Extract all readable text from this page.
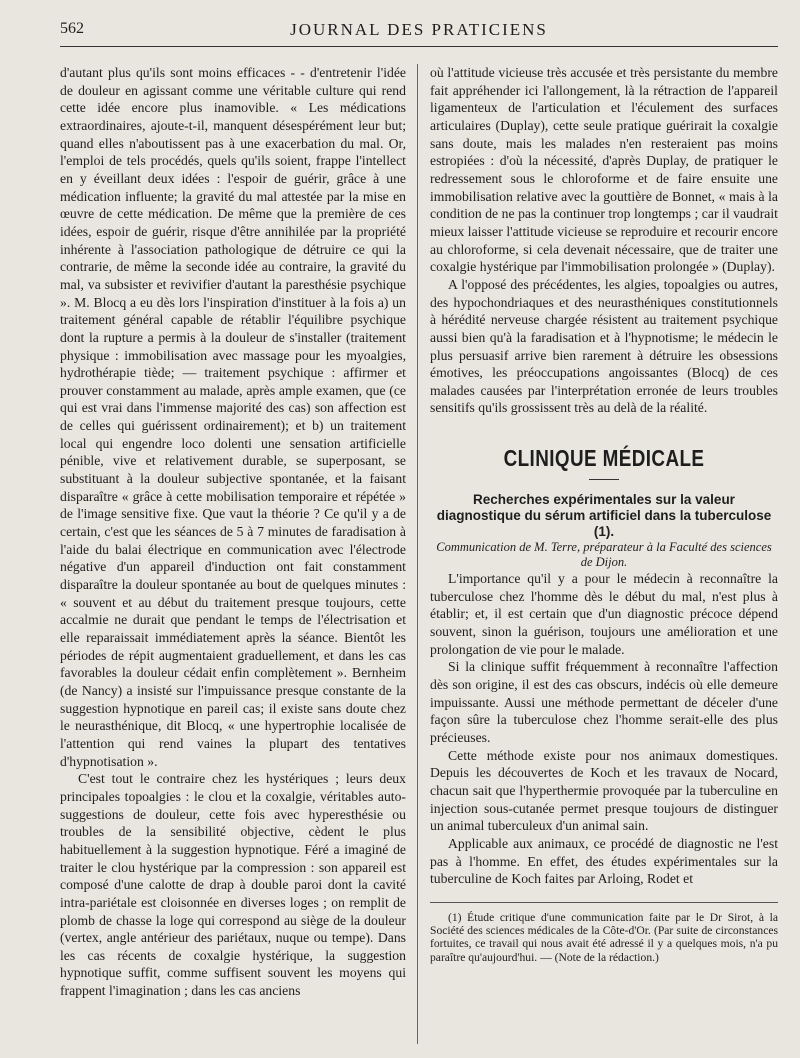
562	JOURNAL DES PRATICIENS

d'autant plus qu'ils sont moins efficaces - - d'entretenir l'idée de douleur en agissant comme une véritable culture qui rend cette idée encore plus inamovible. « Les médications extraordinaires, ajoute-t-il, manquent désespérément leur but; quand elles n'aboutissent pas à une exacerbation du mal. Or, l'emploi de tels procédés, quels qu'ils soient, frappe l'intellect en y éveillant deux idées : l'espoir de guérir, grâce à une médication influente; la gravité du mal attestée par la mise en œuvre de cette médication. De même que la première de ces idées, espoir de guérir, risque d'être annihilée par la propriété inhérente à l'association pathologique de détruire ce qui la contrarie, de même la seconde idée au contraire, la gravité du mal, va subsister et revivifier d'autant la paresthésie psychique ». M. Blocq a eu dès lors l'inspiration d'instituer à la fois a) un traitement général capable de rétablir l'équilibre psychique dont la rupture a permis à la douleur de s'installer (traitement physique : immobilisation avec massage pour les myoalgies, hydrothérapie tiède; — traitement psychique : affirmer et prouver constamment au malade, après ample examen, que (ce qui est vrai dans l'immense majorité des cas) son affection est de celles qui guérissent ordinairement); et b) un traitement local qui engendre loco dolenti une sensation artificielle pénible, vive et relativement durable, se superposant, se substituant à la douleur subjective spontanée, et la faisant disparaître « grâce à cette mobilisation temporaire et répétée » de l'image sensitive fixe. Que vaut la théorie ? Ce qu'il y a de certain, c'est que les séances de 5 à 7 minutes de faradisation à l'aide du balai électrique en communication avec l'électrode négative d'un appareil d'induction ont fait constamment disparaître la douleur spontanée au bout de quelques minutes : « souvent et au début du traitement presque toujours, cette accalmie ne durait que pendant le temps de l'électrisation et elle reparaissait immédiatement après la séance. Bientôt les périodes de répit augmentaient graduellement, et dans les cas favorables la douleur cédait enfin complètement ». Bernheim (de Nancy) a insisté sur l'impuissance presque constante de la suggestion hypnotique en pareil cas; il existe sans doute chez le neurasthénique, dit Blocq, « une hypertrophie localisée de l'attention qui rend vaines la plupart des tentatives d'hypnotisation ».

C'est tout le contraire chez les hystériques ; leurs deux principales topoalgies : le clou et la coxalgie, véritables auto-suggestions de douleur, cette fois avec hyperesthésie ou troubles de la sensibilité objective, cèdent le plus habituellement à la suggestion hypnotique. Féré a imaginé de traiter le clou hystérique par la compression : son appareil est composé d'une calotte de drap à double paroi dont la cavité intra-pariétale est cloisonnée en diverses loges ; on remplit de plomb de chasse la loge qui correspond au siège de la douleur (vertex, angle antérieur des pariétaux, nuque ou tempe). Dans les cas récents de coxalgie hystérique, la suggestion hypnotique suffit, comme suffisent souvent les moyens qui frappent l'imagination ; dans les cas anciens

où l'attitude vicieuse très accusée et très persistante du membre fait appréhender ici l'allongement, là la rétraction de l'appareil ligamenteux de l'articulation et l'éculement des surfaces articulaires (Duplay), cette seule pratique guérirait la coxalgie sans doute, mais les malades n'en resteraient pas moins estropiées : d'où la nécessité, d'après Duplay, de pratiquer le redressement sous le chloroforme et de faire ensuite une immobilisation relative avec la gouttière de Bonnet, « mais à la condition de ne pas la continuer trop longtemps ; car il vaudrait mieux laisser l'attitude vicieuse se reproduire et recourir encore au chloroforme, si cela devenait nécessaire, que de traiter une coxalgie hystérique par l'immobilisation prolongée » (Duplay).

A l'opposé des précédentes, les algies, topoalgies ou autres, des hypochondriaques et des neurasthéniques constitutionnels à hérédité nerveuse chargée résistent au traitement psychique aussi bien qu'à la faradisation et à l'hypnotisme; le médecin le plus persuasif arrive bien rarement à détruire les obsessions émotives, les préoccupations angoissantes (Blocq) de ces malades causées par l'interprétation erronée de leurs troubles sensitifs qu'ils grossissent très au delà de la réalité.

CLINIQUE MÉDICALE

Recherches expérimentales sur la valeur diagnostique du sérum artificiel dans la tuberculose (1).

Communication de M. Terre, préparateur à la Faculté des sciences de Dijon.

L'importance qu'il y a pour le médecin à reconnaître la tuberculose chez l'homme dès le début du mal, n'est plus à établir; et, il est certain que d'un diagnostic précoce dépend souvent, sinon la guérison, toujours une amélioration et une prolongation de vie pour le malade.

Si la clinique suffit fréquemment à reconnaître l'affection dès son origine, il est des cas obscurs, indécis où elle demeure impuissante. Aussi une méthode permettant de déceler d'une façon sûre la tuberculose chez l'homme serait-elle des plus précieuses.

Cette méthode existe pour nos animaux domestiques. Depuis les découvertes de Koch et les travaux de Nocard, chacun sait que l'hyperthermie provoquée par la tuberculine en injection sous-cutanée permet presque toujours de distinguer un animal tuberculeux d'un animal sain.

Applicable aux animaux, ce procédé de diagnostic ne l'est pas à l'homme. En effet, des études expérimentales sur la tuberculine de Koch faites par Arloing, Rodet et

(1) Étude critique d'une communication faite par le Dr Sirot, à la Société des sciences médicales de la Côte-d'Or. (Par suite de circonstances fortuites, ce travail qui nous avait été adressé il y a quelques mois, n'a pu paraître qu'aujourd'hui. — (Note de la rédaction.)
